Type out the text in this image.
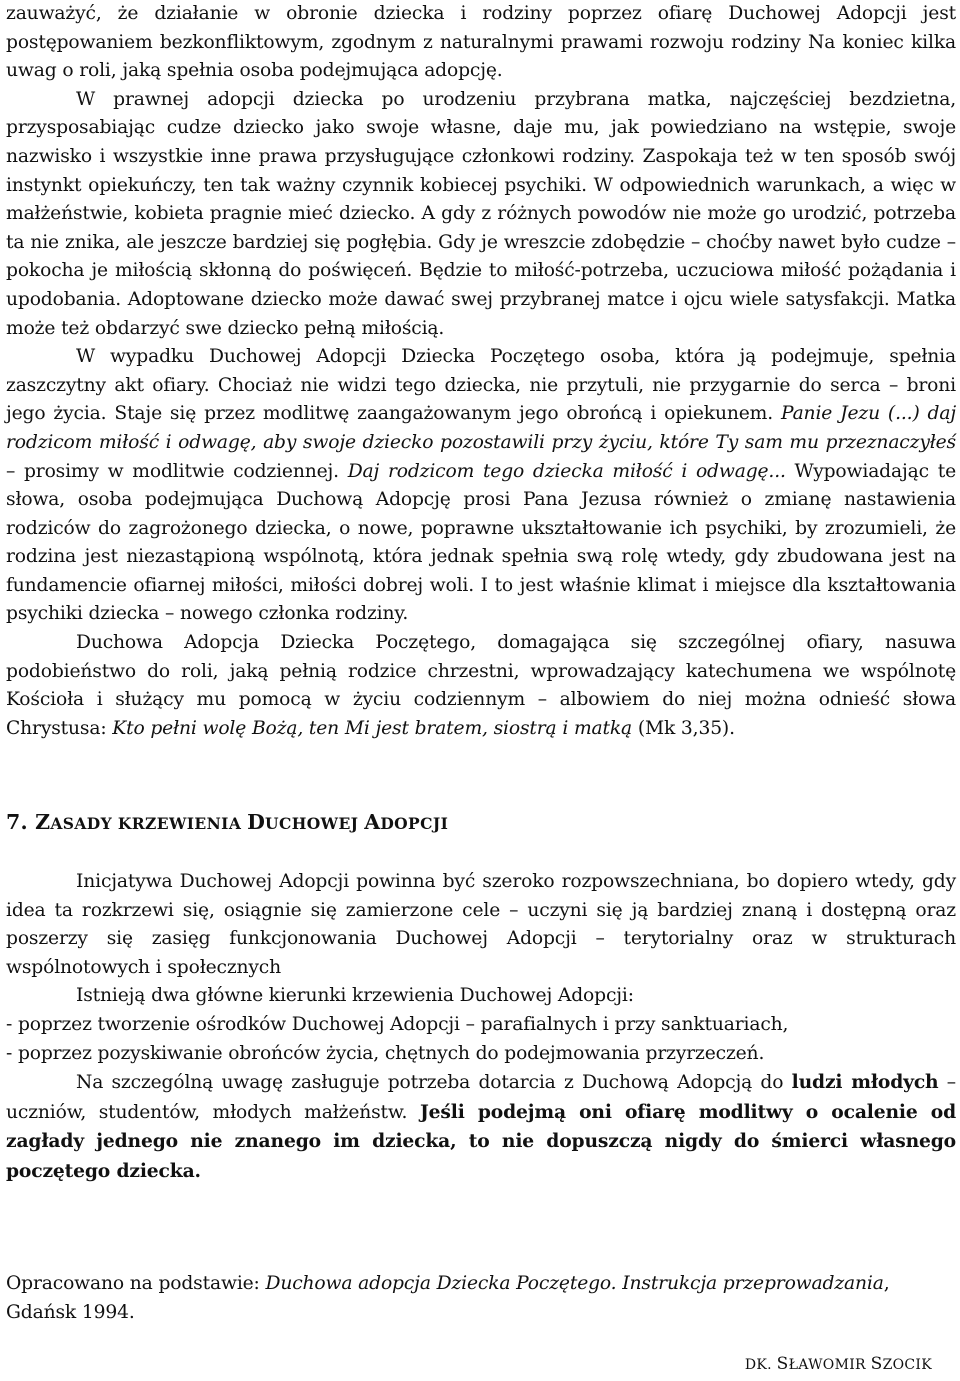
zauważyć, że działanie w obronie dziecka i rodziny poprzez ofiarę Duchowej Adopcji jest postępowaniem bezkonfliktowym, zgodnym z naturalnymi prawami rozwoju rodziny Na koniec kilka uwag o roli, jaką spełnia osoba podejmująca adopcję.

W prawnej adopcji dziecka po urodzeniu przybrana matka, najczęściej bezdzietna, przysposabiając cudze dziecko jako swoje własne, daje mu, jak powiedziano na wstępie, swoje nazwisko i wszystkie inne prawa przysługujące członkowi rodziny. Zaspokaja też w ten sposób swój instynkt opiekuńczy, ten tak ważny czynnik kobiecej psychiki. W odpowiednich warunkach, a więc w małżeństwie, kobieta pragnie mieć dziecko. A gdy z różnych powodów nie może go urodzić, potrzeba ta nie znika, ale jeszcze bardziej się pogłębia. Gdy je wreszcie zdobędzie – choćby nawet było cudze – pokocha je miłością skłonną do poświęceń. Będzie to miłość-potrzeba, uczuciowa miłość pożądania i upodobania. Adoptowane dziecko może dawać swej przybranej matce i ojcu wiele satysfakcji. Matka może też obdarzyć swe dziecko pełną miłością.

W wypadku Duchowej Adopcji Dziecka Poczętego osoba, która ją podejmuje, spełnia zaszczytny akt ofiary. Chociaż nie widzi tego dziecka, nie przytuli, nie przygarnie do serca – broni jego życia. Staje się przez modlitwę zaangażowanym jego obrońcą i opiekunem. Panie Jezu (...) daj rodzicom miłość i odwagę, aby swoje dziecko pozostawili przy życiu, które Ty sam mu przeznaczyłeś – prosimy w modlitwie codziennej. Daj rodzicom tego dziecka miłość i odwagę... Wypowiadając te słowa, osoba podejmująca Duchową Adopcję prosi Pana Jezusa również o zmianę nastawienia rodziców do zagrożonego dziecka, o nowe, poprawne ukształtowanie ich psychiki, by zrozumieli, że rodzina jest niezastąpioną wspólnotą, która jednak spełnia swą rolę wtedy, gdy zbudowana jest na fundamencie ofiarnej miłości, miłości dobrej woli. I to jest właśnie klimat i miejsce dla kształtowania psychiki dziecka – nowego członka rodziny.

Duchowa Adopcja Dziecka Poczętego, domagająca się szczególnej ofiary, nasuwa podobieństwo do roli, jaką pełnią rodzice chrzestni, wprowadzający katechumena we wspólnotę Kościoła i służący mu pomocą w życiu codziennym – albowiem do niej można odnieść słowa Chrystusa: Kto pełni wolę Bożą, ten Mi jest bratem, siostrą i matką (Mk 3,35).

7. ZASADY KRZEWIENIA DUCHOWEJ ADOPCJI

Inicjatywa Duchowej Adopcji powinna być szeroko rozpowszechniana, bo dopiero wtedy, gdy idea ta rozkrzewi się, osiągnie się zamierzone cele – uczyni się ją bardziej znaną i dostępną oraz poszerzy się zasięg funkcjonowania Duchowej Adopcji – terytorialny oraz w strukturach wspólnotowych i społecznych

Istnieją dwa główne kierunki krzewienia Duchowej Adopcji:

- poprzez tworzenie ośrodków Duchowej Adopcji – parafialnych i przy sanktuariach,

- poprzez pozyskiwanie obrońców życia, chętnych do podejmowania przyrzeczeń.

Na szczególną uwagę zasługuje potrzeba dotarcia z Duchową Adopcją do ludzi młodych – uczniów, studentów, młodych małżeństw. Jeśli podejmą oni ofiarę modlitwy o ocalenie od zagłady jednego nie znanego im dziecka, to nie dopuszczą nigdy do śmierci własnego poczętego dziecka.

Opracowano na podstawie: Duchowa adopcja Dziecka Poczętego. Instrukcja przeprowadzania, Gdańsk 1994.

DK. SŁAWOMIR SZOCIK
